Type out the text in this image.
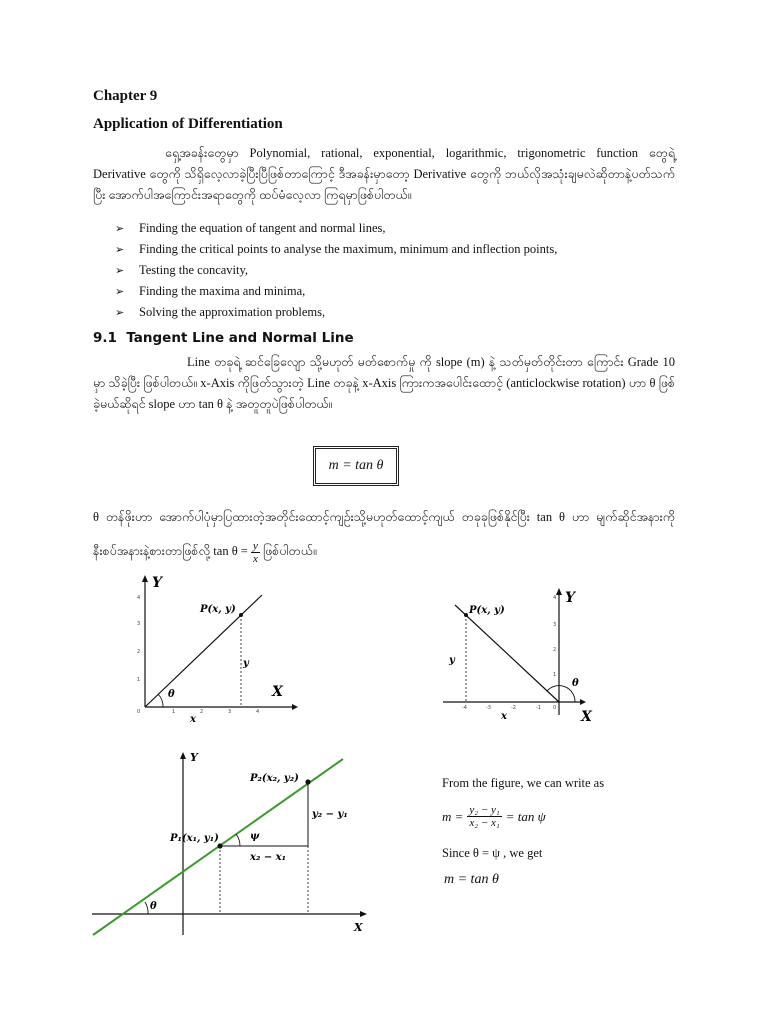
Chapter 9
Application of Differentiation
ရှေ့အခန်းတွေမှာ Polynomial, rational, exponential, logarithmic, trigonometric function တွေရဲ့ Derivative တွေကို သိရှိလေ့လာခဲ့ပြီးပြီဖြစ်တာကြောင့် ဒီအခန်းမှာတော့ Derivative တွေကို ဘယ်လိုအသုံးချမလဲဆိုတာနဲ့ပတ်သက်ပြီး အောက်ပါအကြောင်းအရာတွေကို ထပ်မံလေ့လာ ကြရမှာဖြစ်ပါတယ်။
➢ Finding the equation of tangent and normal lines,
➢ Finding the critical points to analyse the maximum, minimum and inflection points,
➢ Testing the concavity,
➢ Finding the maxima and minima,
➢ Solving the approximation problems,
9.1 Tangent Line and Normal Line
Line တခုရဲ့ ဆင်ခြေလျော သို့မဟုတ် မတ်စောက်မှု ကို slope (m) နဲ့ သတ်မှတ်တိုင်းတာ ကြောင်း Grade 10 မှာ သိခဲ့ပြီး ဖြစ်ပါတယ်။ x-Axis ကိုဖြတ်သွားတဲ့ Line တခုနဲ့ x-Axis ကြားကအပေါင်းထောင့် (anticlockwise rotation) ဟာ θ ဖြစ်ခဲ့မယ်ဆိုရင် slope ဟာ tan θ နဲ့ အတူတူပဲဖြစ်ပါတယ်။
m = tan θ
θ တန်ဖိုးဟာ အောက်ပါပုံမှာပြထားတဲ့အတိုင်းထောင့်ကျဉ်းသို့မဟုတ်ထောင့်ကျယ် တခုခုဖြစ်နိုင်ပြီး tan θ ဟာ မျက်ဆိုင်အနားကို နီးစပ်အနားနဲ့စားတာဖြစ်လို့ $\tan \theta = \frac{y}{x}$ ဖြစ်ပါတယ်။
Y
X
P(x, y)
y
x
θ
0	1	2	3	4
1
2
3
4	Y
X
P(x, y)
y
x
θ
-4	-3	-2	-1 0
1
2
3
4
Y
X
P₁(x₁, y₁)
P₂(x₂, y₂)
x₂ − x₁
y₂ − y₁
ψ
θ
From the figure, we can write as
$m = \frac{\text{y₂ − y₁}}{\text{x₂ − x₁}} = \tan \psi$
Since θ = ψ , we get
m = tan θ
